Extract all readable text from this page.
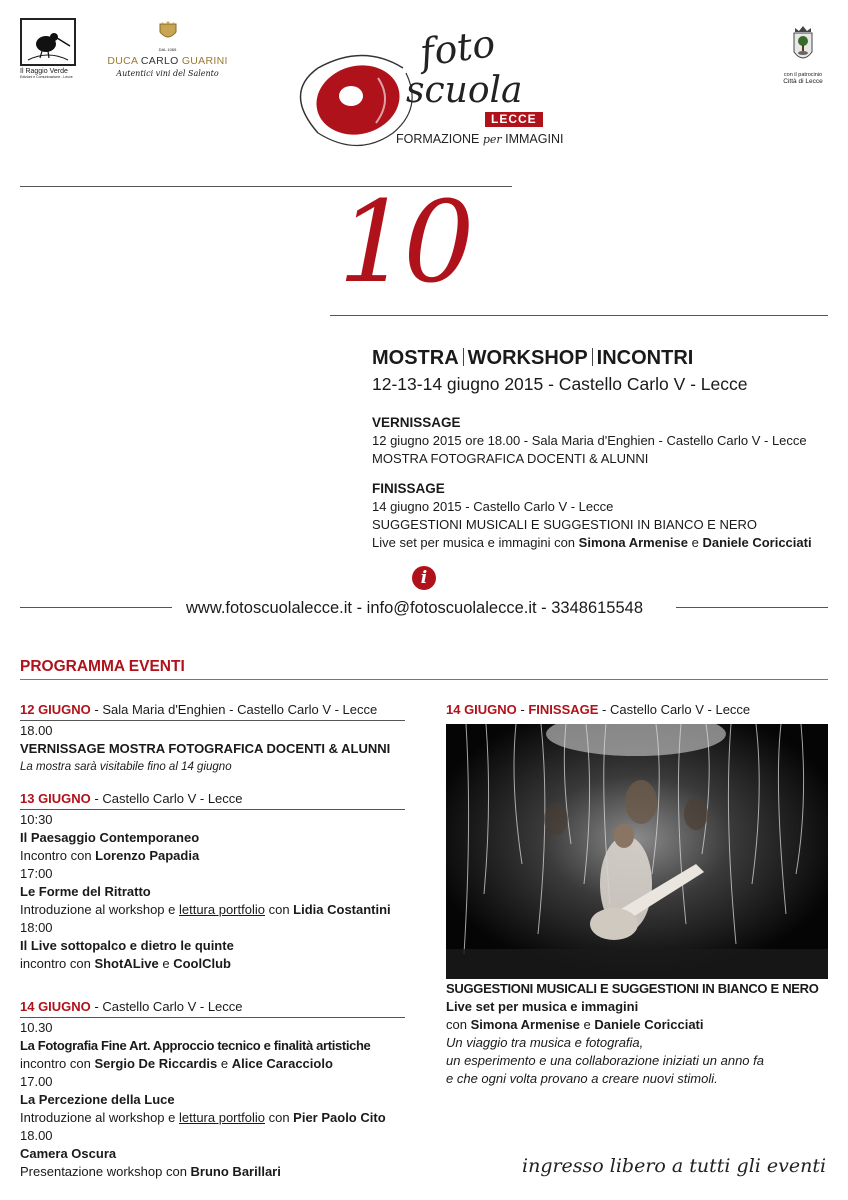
Il Raggio Verde
Edizioni e Comunicazione - Lecce
DAL 1065
DUCA CARLO GUARINI
Autentici vini del Salento	con il patrocinio
Città di Lecce
foto
scuola
LECCE
FORMAZIONE per IMMAGINI
10
MOSTRA WORKSHOP INCONTRI
12-13-14 giugno 2015 - Castello Carlo V - Lecce
VERNISSAGE
12 giugno 2015 ore 18.00 - Sala Maria d'Enghien - Castello Carlo V - Lecce
MOSTRA FOTOGRAFICA DOCENTI & ALUNNI
FINISSAGE
14 giugno 2015 - Castello Carlo V - Lecce
SUGGESTIONI MUSICALI E SUGGESTIONI IN BIANCO E NERO
Live set per musica e immagini con Simona Armenise e Daniele Coricciati
i
www.fotoscuolalecce.it - info@fotoscuolalecce.it - 3348615548
PROGRAMMA EVENTI
12 GIUGNO - Sala Maria d'Enghien - Castello Carlo V - Lecce
18.00
VERNISSAGE MOSTRA FOTOGRAFICA DOCENTI & ALUNNI
La mostra sarà visitabile fino al 14 giugno
13 GIUGNO - Castello Carlo V - Lecce
10:30
Il Paesaggio Contemporaneo
Incontro con Lorenzo Papadia
17:00
Le Forme del Ritratto
Introduzione al workshop e lettura portfolio con Lidia Costantini
18:00
Il Live sottopalco e dietro le quinte
incontro con ShotALive e CoolClub
14 GIUGNO - Castello Carlo V - Lecce
10.30
La Fotografia Fine Art. Approccio tecnico e finalità artistiche
incontro con Sergio De Riccardis e Alice Caracciolo
17.00
La Percezione della Luce
Introduzione al workshop e lettura portfolio con Pier Paolo Cito
18.00
Camera Oscura
Presentazione workshop con Bruno Barillari
14 GIUGNO - FINISSAGE - Castello Carlo V - Lecce
SUGGESTIONI MUSICALI E SUGGESTIONI IN BIANCO E NERO
Live set per musica e immagini
con Simona Armenise e Daniele Coricciati
Un viaggio tra musica e fotografia,
un esperimento e una collaborazione iniziati un anno fa
e che ogni volta provano a creare nuovi stimoli.
ingresso libero a tutti gli eventi
